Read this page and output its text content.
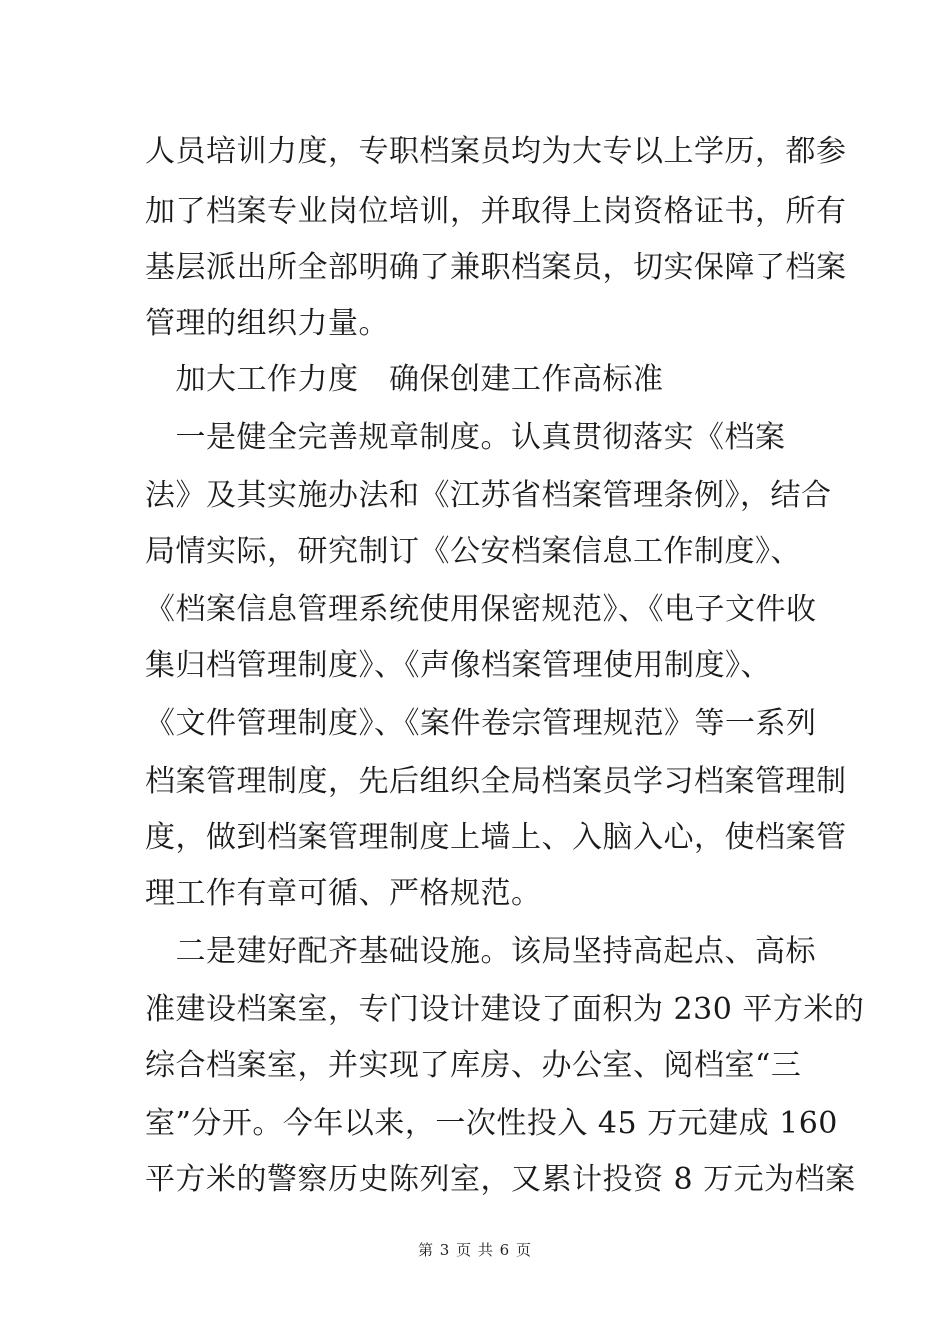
人员培训力度，专职档案员均为大专以上学历，都参
加了档案专业岗位培训，并取得上岗资格证书，所有
基层派出所全部明确了兼职档案员，切实保障了档案
管理的组织力量。
　加大工作力度　确保创建工作高标准
　一是健全完善规章制度。认真贯彻落实《档案
法》及其实施办法和《江苏省档案管理条例》，结合
局情实际，研究制订《公安档案信息工作制度》、
《档案信息管理系统使用保密规范》、《电子文件收
集归档管理制度》、《声像档案管理使用制度》、
《文件管理制度》、《案件卷宗管理规范》等一系列
档案管理制度，先后组织全局档案员学习档案管理制
度，做到档案管理制度上墙上、入脑入心，使档案管
理工作有章可循、严格规范。
　二是建好配齐基础设施。该局坚持高起点、高标
准建设档案室，专门设计建设了面积为 230 平方米的
综合档案室，并实现了库房、办公室、阅档室“三
室”分开。今年以来，一次性投入 45 万元建成 160
平方米的警察历史陈列室，又累计投资 8 万元为档案
第 3 页 共 6 页
